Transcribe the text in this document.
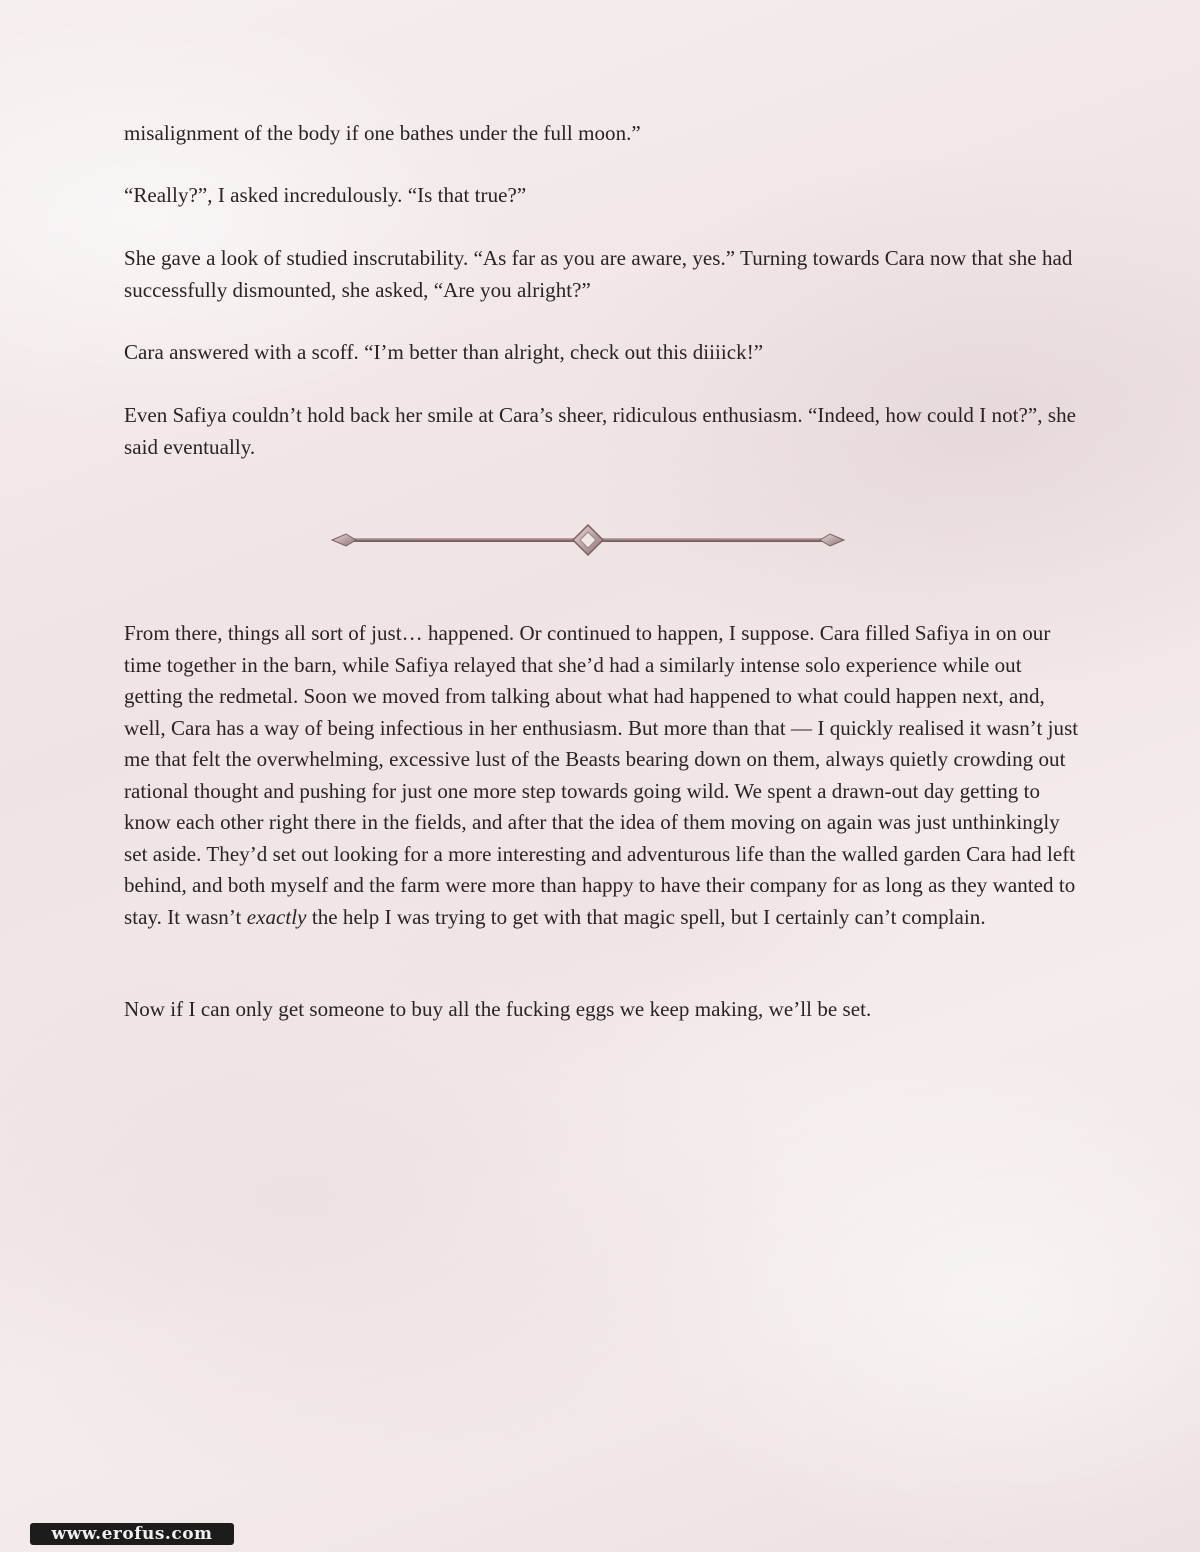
misalignment of the body if one bathes under the full moon.”

“Really?”, I asked incredulously. “Is that true?”

She gave a look of studied inscrutability. “As far as you are aware, yes.” Turning towards Cara now that she had successfully dismounted, she asked, “Are you alright?”

Cara answered with a scoff. “I’m better than alright, check out this diiiick!”

Even Safiya couldn’t hold back her smile at Cara’s sheer, ridiculous enthusiasm. “Indeed, how could I not?”, she said eventually.

From there, things all sort of just… happened. Or continued to happen, I suppose. Cara filled Safiya in on our time together in the barn, while Safiya relayed that she’d had a similarly intense solo experience while out getting the redmetal. Soon we moved from talking about what had happened to what could happen next, and, well, Cara has a way of being infectious in her enthusiasm. But more than that — I quickly realised it wasn’t just me that felt the overwhelming, excessive lust of the Beasts bearing down on them, always quietly crowding out rational thought and pushing for just one more step towards going wild. We spent a drawn-out day getting to know each other right there in the fields, and after that the idea of them moving on again was just unthinkingly set aside. They’d set out looking for a more interesting and adventurous life than the walled garden Cara had left behind, and both myself and the farm were more than happy to have their company for as long as they wanted to stay. It wasn’t exactly the help I was trying to get with that magic spell, but I certainly can’t complain.

Now if I can only get someone to buy all the fucking eggs we keep making, we’ll be set.

www.erofus.com
